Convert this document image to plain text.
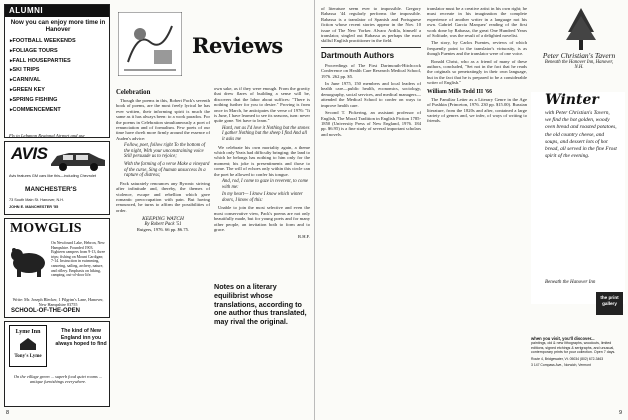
ALUMNI
Now you can enjoy more time in Hanover
▸ FOOTBALL WEEKENDS
▸ FOLIAGE TOURS
▸ FALL HOUSEPARTIES
▸ SKI TRIPS
▸ CARNIVAL
▸ GREEN KEY
▸ SPRING FISHING
▸ COMMENCEMENT
Fly to Lebanon Regional Airport and use
AVIS
Avis features GM cars like this—including Chevrolet
MANCHESTER'S
73 South Main St. Hanover, N.H.
JOHN E. MANCHESTER '55
MOWGLIS
On Newfound Lake, Hebron, New Hampshire. Founded 1903. Eighteen campers from 9-13, three trips; fishing on Mount Cardigan; 7-14. Instruction in swimming, canoeing, sailing, archery, nature, and riflery. Emphasis on hiking, camping, out-of-door life.
Write: Mr. Joseph Blecker, 1 Pilgrim's Lane, Hanover, New Hampshire 03755
SCHOOL-OF-THE-OPEN
Lyme Inn
Tony's Lyme
The kind of New England inn you always hoped to find
On the village green ... superb food quiet rooms ... antique furnishings everywhere.
Reviews
Celebration
Though the poems in this, Robert Pack's seventh book of poems, are the most freely lyrical he has ever written, their informing spirit is much the same as it has always been: to a work paradox. For the poems in Celebration simultaneously a poet of renunciation and of formalism. Few poets of our time have dwelt more firmly around the essence of Auden's advice:
Follow, poet, follow right To the bottom of the night, With your unconstraining voice Still persuade us to rejoice;
With the farming of a verse Make a vineyard of the curse, Sing of human unsuccess In a rapture of distress;
Pack saturately renounces any Byronic striving after infinitude and, thereby, the themes of violence, escape and rebellion which gave romantic preoccupation with pain. But having renounced, he turns to affirm the possibilities of order.
KEEPING WATCH
By Robert Pack '51
Rutgers, 1976. 66 pp. $6.75.
own sake, as if they were enough. From the gravity that drew flares of building a sense will be, discovers that the labor about suffices: "There is nothing further for you to desire." Proving is from once in March, he anticipates the verse of 1976: "It is June, I have learned to see its seasons, turn: never quite gone. Yet have to learn."
Hard, not as I'd love it Nothing but the stones I gather Nothing but the sheep I find And all it asks me
We celebrate his own mortality again, a theme which only Yeats had difficulty bringing; the land to which he belongs has nothing to him only for the moment; his joke is presentiments and those to come. The will of echoes only within this circle can the poet be allowed to confer his tongue.
And, rod, I come to gaze in reverent, to come with me:
In my heart— I know I know which winter doors, I know of this:
Unable to join the most selective and even the most conservative view, Pack's poems are not only beautifully made, but for young poets and for many other people, an invitation both to form and to grace.
R.H.F.
Notes on a literary equilibrist whose translations, according to one author thus translated, may rival the original.
8
of literature seem ever to impossible. Gregory Rabassa '44 regularly performs the impossible. Rabassa is a translator of Spanish and Portuguese fiction whose recent stories appear in the Nov. 10 issue of The New Yorker. Alvaro Ardila, himself a translator, singled out Rabassa as perhaps the most skilful English practitioner in the field.
Dartmouth Authors
Proceedings of The First Dartmouth-Hitchcock Conference on Health Care Research Medical School, 1976. 262 pp. $5.
In June 1975, 150 members and local leaders of health care—public health, economics, sociology, demography, social services, and medical managers—attended the Medical School to confer on ways to improve health care.
Second T. Pickering, an assistant professor of English, The Moral Tradition in English Fiction 1785-1850 (University Press of New England, 1976. 184 pp. $6.95) is a fine study of several important scholars and novels.
translator must be a creative artist in his own right; he must recreate in his imagination the complete experience of another writer in a language not his own. Gabriel Garcia Marquez' reading of the first work done by Rabassa, the great One Hundred Years of Solitude, was the result of a delighted novelist.
The story, by Carlos Fuentes, reviews of which frequently point to the translator's virtuosity, is as though Fuentes and the translator were of one voice.
Ronald Christ, who as a friend of many of these authors, concluded, "Set not in the fact that he reads the originals so penetratingly in their own language, but in the fact that he is prepared to be a considerable writer of English."
William Mills Todd III '66
The Familiar Letter as a Literary Genre in the Age of Pushkin (Princeton, 1976. 230 pp. $15.00). Russian literature, from the 1820s and after, contained a large variety of genres and, we infer, of ways of writing to friends.
9
Peter Christian's Tavern
Beneath the Hanover Inn, Hanover, N.H.
Winter
with Peter Christian's Tavern, we find the hot golden, woody oven bread and roasted potatoes, the old country cheese, and soups, and dessert lots of hot bread, all served in the fine Frost spirit of the evening.
Beneath the Hanover Inn
the print gallery
when you visit, you'll discover...
paintings, old & new lithographs, woodcuts, limited editions, signed etchings & serigraphs, and unusual, contemporary prints for your collection. Open 7 days.
Route 4, Bridgewater, Vt. 05034 (802) 672-3463
3 147 Compass Ave., Norwich, Vermont
